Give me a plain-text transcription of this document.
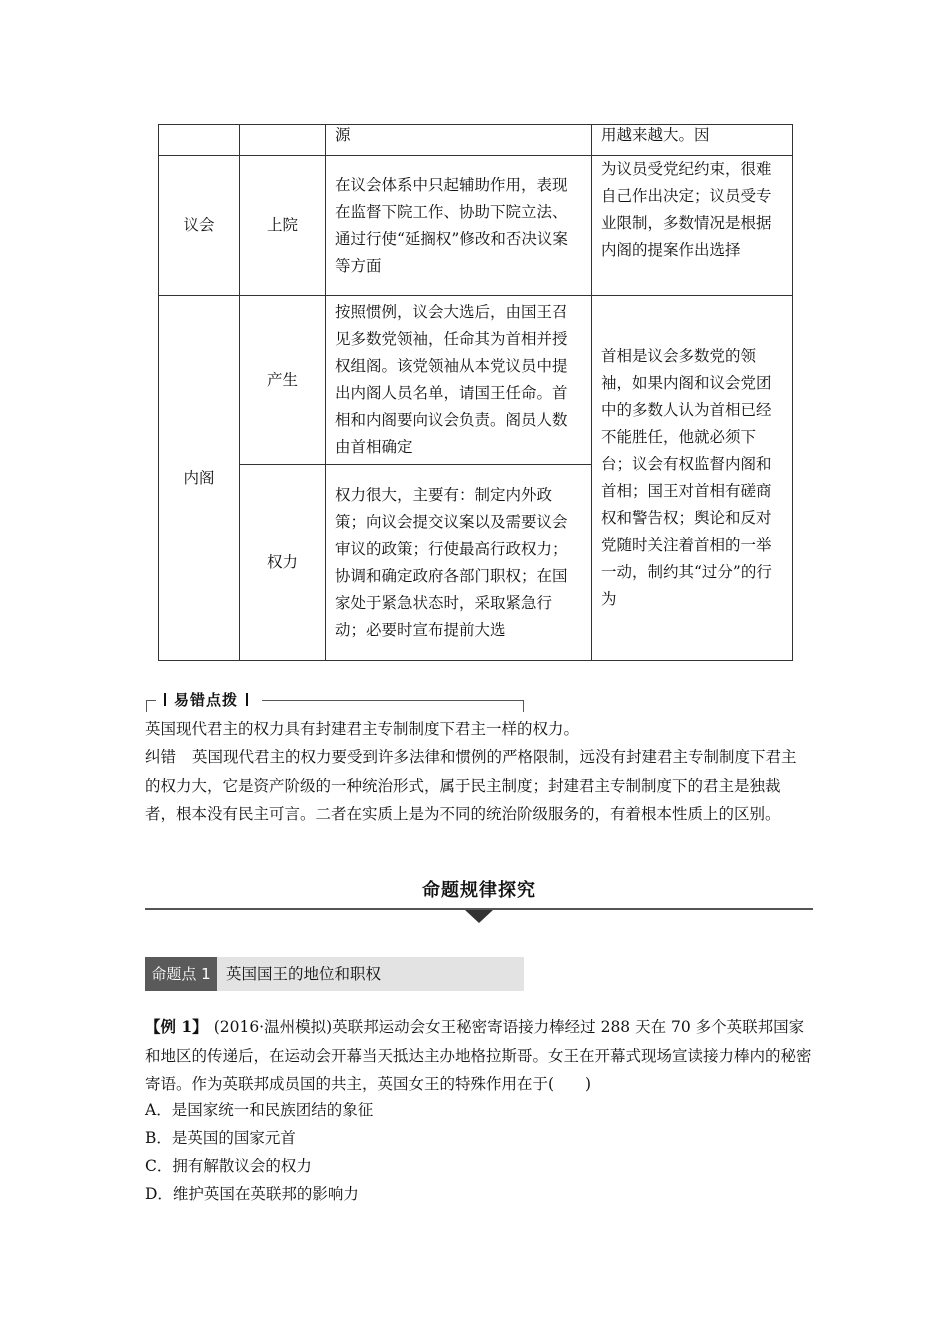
		源	用越来越大。因
议会	上院	在议会体系中只起辅助作用，表现在监督下院工作、协助下院立法、通过行使“延搁权”修改和否决议案等方面	为议员受党纪约束，很难自己作出决定；议员受专业限制，多数情况是根据内阁的提案作出选择
内阁	产生	按照惯例，议会大选后，由国王召见多数党领袖，任命其为首相并授权组阁。该党领袖从本党议员中提出内阁人员名单，请国王任命。首相和内阁要向议会负责。阁员人数由首相确定	首相是议会多数党的领袖，如果内阁和议会党团中的多数人认为首相已经不能胜任，他就必须下台；议会有权监督内阁和首相；国王对首相有磋商权和警告权；舆论和反对党随时关注着首相的一举一动，制约其“过分”的行为
	权力	权力很大，主要有：制定内外政策；向议会提交议案以及需要议会审议的政策；行使最高行政权力；协调和确定政府各部门职权；在国家处于紧急状态时，采取紧急行动；必要时宣布提前大选	
易错点拨
英国现代君主的权力具有封建君主专制制度下君主一样的权力。
纠错 英国现代君主的权力要受到许多法律和惯例的严格限制，远没有封建君主专制制度下君主的权力大，它是资产阶级的一种统治形式，属于民主制度；封建君主专制制度下的君主是独裁者，根本没有民主可言。二者在实质上是为不同的统治阶级服务的，有着根本性质上的区别。
命题规律探究
命题点 1 英国国王的地位和职权
【例 1】 (2016·温州模拟)英联邦运动会女王秘密寄语接力棒经过 288 天在 70 多个英联邦国家和地区的传递后，在运动会开幕当天抵达主办地格拉斯哥。女王在开幕式现场宣读接力棒内的秘密寄语。作为英联邦成员国的共主，英国女王的特殊作用在于(　　)
A．是国家统一和民族团结的象征
B．是英国的国家元首
C．拥有解散议会的权力
D．维护英国在英联邦的影响力
